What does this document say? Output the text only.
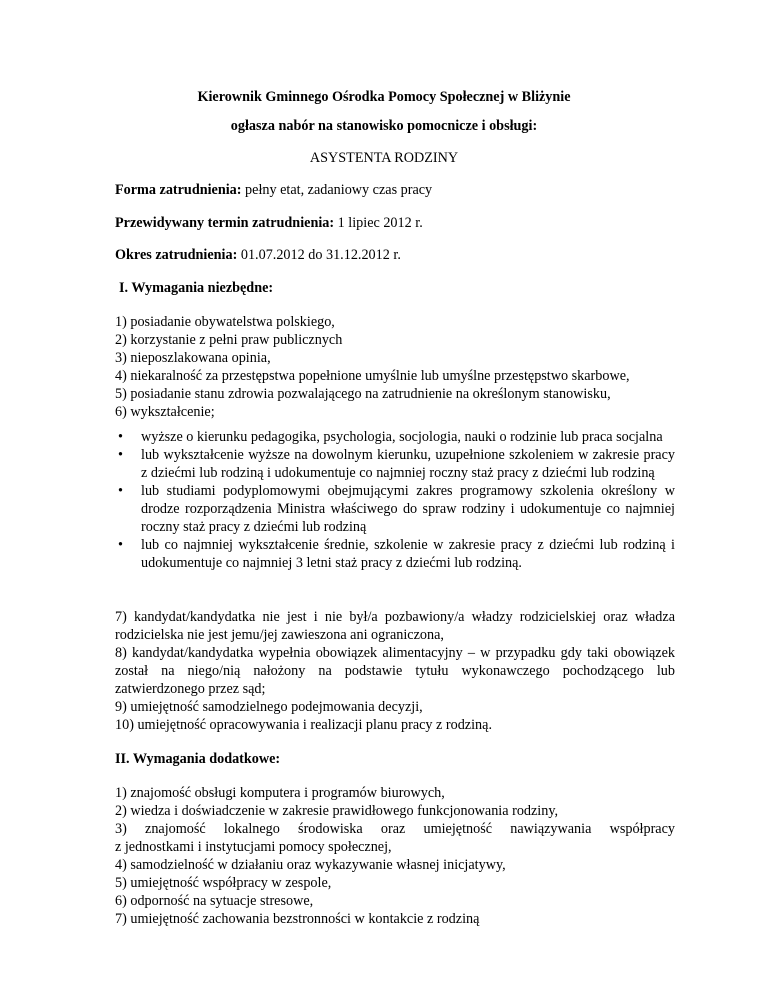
Kierownik Gminnego Ośrodka Pomocy Społecznej w Bliżynie
ogłasza nabór na stanowisko pomocnicze i obsługi:
ASYSTENTA RODZINY
Forma zatrudnienia: pełny etat, zadaniowy czas pracy
Przewidywany termin zatrudnienia: 1 lipiec 2012 r.
Okres zatrudnienia: 01.07.2012 do 31.12.2012 r.
I. Wymagania niezbędne:
1) posiadanie obywatelstwa polskiego,
2) korzystanie z pełni praw publicznych
3) nieposzlakowana opinia,
4) niekaralność za przestępstwa popełnione umyślnie lub umyślne przestępstwo skarbowe,
5) posiadanie stanu zdrowia pozwalającego na zatrudnienie na określonym stanowisku,
6) wykształcenie;
• wyższe o kierunku pedagogika, psychologia, socjologia, nauki o rodzinie lub praca socjalna
• lub wykształcenie wyższe na dowolnym kierunku, uzupełnione szkoleniem w zakresie pracy z dziećmi lub rodziną i udokumentuje co najmniej roczny staż pracy z dziećmi lub rodziną
• lub studiami podyplomowymi obejmującymi zakres programowy szkolenia określony w drodze rozporządzenia Ministra właściwego do spraw rodziny i udokumentuje co najmniej roczny staż pracy z dziećmi lub rodziną
• lub co najmniej wykształcenie średnie, szkolenie w zakresie pracy z dziećmi lub rodziną i udokumentuje co najmniej 3 letni staż pracy z dziećmi lub rodziną.
7) kandydat/kandydatka nie jest i nie był/a pozbawiony/a władzy rodzicielskiej oraz władza rodzicielska nie jest jemu/jej zawieszona ani ograniczona,
8) kandydat/kandydatka wypełnia obowiązek alimentacyjny – w przypadku gdy taki obowiązek został na niego/nią nałożony na podstawie tytułu wykonawczego pochodzącego lub zatwierdzonego przez sąd;
9) umiejętność samodzielnego podejmowania decyzji,
10) umiejętność opracowywania i realizacji planu pracy z rodziną.
II. Wymagania dodatkowe:
1) znajomość obsługi komputera i programów biurowych,
2) wiedza i doświadczenie w zakresie prawidłowego funkcjonowania rodziny,
3) znajomość lokalnego środowiska oraz umiejętność nawiązywania współpracy
z jednostkami i instytucjami pomocy społecznej,
4) samodzielność w działaniu oraz wykazywanie własnej inicjatywy,
5) umiejętność współpracy w zespole,
6) odporność na sytuacje stresowe,
7) umiejętność zachowania bezstronności w kontakcie z rodziną
